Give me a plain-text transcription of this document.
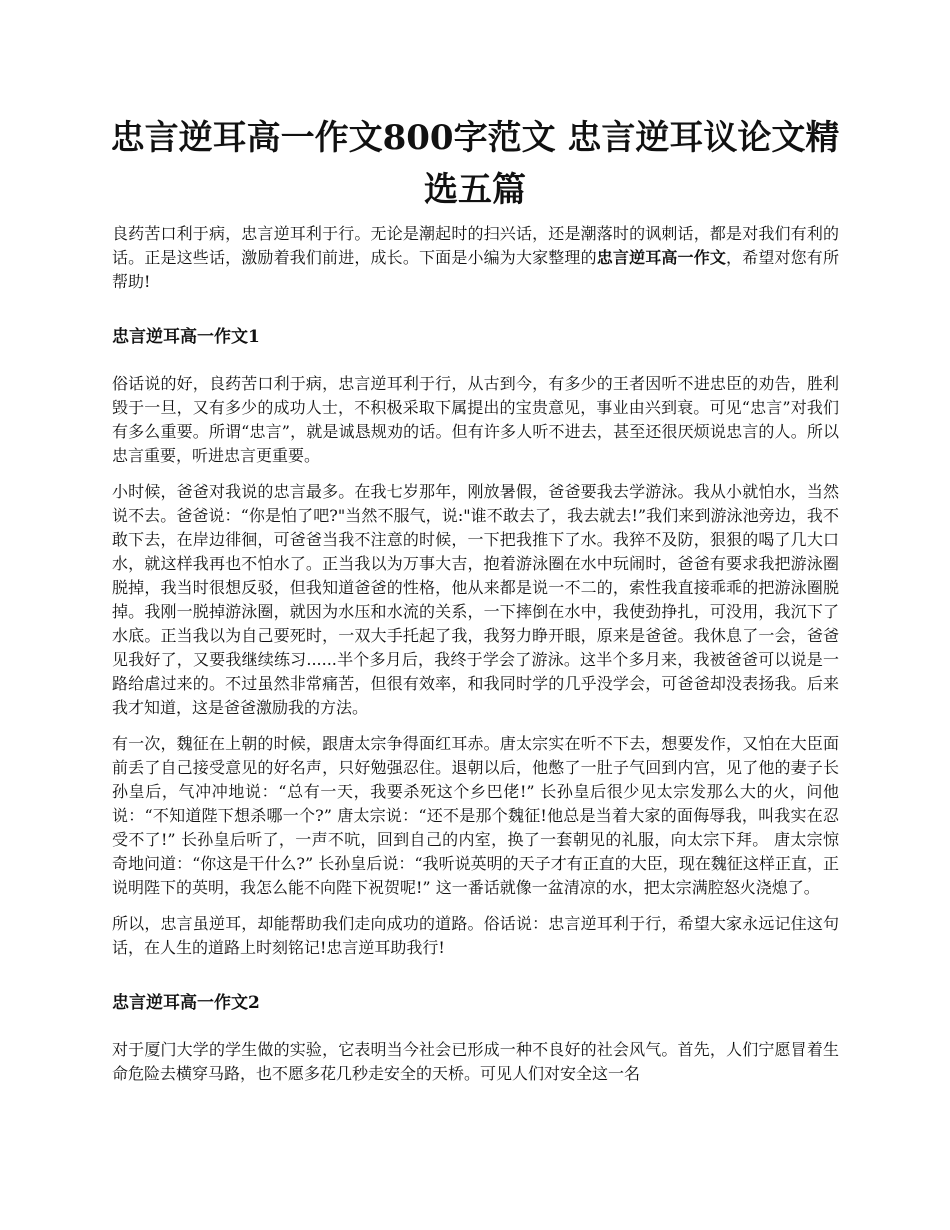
忠言逆耳高一作文800字范文 忠言逆耳议论文精选五篇

良药苦口利于病，忠言逆耳利于行。无论是潮起时的扫兴话，还是潮落时的讽刺话，都是对我们有利的话。正是这些话，激励着我们前进，成长。下面是小编为大家整理的忠言逆耳高一作文，希望对您有所帮助!

忠言逆耳高一作文1

俗话说的好，良药苦口利于病，忠言逆耳利于行，从古到今，有多少的王者因听不进忠臣的劝告，胜利毁于一旦，又有多少的成功人士，不积极采取下属提出的宝贵意见，事业由兴到衰。可见“忠言”对我们有多么重要。所谓“忠言”，就是诚恳规劝的话。但有许多人听不进去，甚至还很厌烦说忠言的人。所以忠言重要，听进忠言更重要。

小时候，爸爸对我说的忠言最多。在我七岁那年，刚放暑假，爸爸要我去学游泳。我从小就怕水，当然说不去。爸爸说：“你是怕了吧?"当然不服气，说:"谁不敢去了，我去就去!”我们来到游泳池旁边，我不敢下去，在岸边徘徊，可爸爸当我不注意的时候，一下把我推下了水。我猝不及防，狠狠的喝了几大口水，就这样我再也不怕水了。正当我以为万事大吉，抱着游泳圈在水中玩闹时，爸爸有要求我把游泳圈脱掉，我当时很想反驳，但我知道爸爸的性格，他从来都是说一不二的，索性我直接乖乖的把游泳圈脱掉。我刚一脱掉游泳圈，就因为水压和水流的关系，一下摔倒在水中，我使劲挣扎，可没用，我沉下了水底。正当我以为自己要死时，一双大手托起了我，我努力睁开眼，原来是爸爸。我休息了一会，爸爸见我好了，又要我继续练习......半个多月后，我终于学会了游泳。这半个多月来，我被爸爸可以说是一路给虐过来的。不过虽然非常痛苦，但很有效率，和我同时学的几乎没学会，可爸爸却没表扬我。后来我才知道，这是爸爸激励我的方法。

有一次，魏征在上朝的时候，跟唐太宗争得面红耳赤。唐太宗实在听不下去，想要发作，又怕在大臣面前丢了自己接受意见的好名声，只好勉强忍住。退朝以后，他憋了一肚子气回到内宫，见了他的妻子长孙皇后，气冲冲地说：“总有一天，我要杀死这个乡巴佬!” 长孙皇后很少见太宗发那么大的火，问他说：“不知道陛下想杀哪一个?” 唐太宗说：“还不是那个魏征!他总是当着大家的面侮辱我，叫我实在忍受不了!” 长孙皇后听了，一声不吭，回到自己的内室，换了一套朝见的礼服，向太宗下拜。 唐太宗惊奇地问道：“你这是干什么?” 长孙皇后说：“我听说英明的天子才有正直的大臣，现在魏征这样正直，正说明陛下的英明，我怎么能不向陛下祝贺呢!” 这一番话就像一盆清凉的水，把太宗满腔怒火浇熄了。

所以，忠言虽逆耳，却能帮助我们走向成功的道路。俗话说：忠言逆耳利于行，希望大家永远记住这句话，在人生的道路上时刻铭记!忠言逆耳助我行!

忠言逆耳高一作文2

对于厦门大学的学生做的实验，它表明当今社会已形成一种不良好的社会风气。首先，人们宁愿冒着生命危险去横穿马路，也不愿多花几秒走安全的天桥。可见人们对安全这一名
